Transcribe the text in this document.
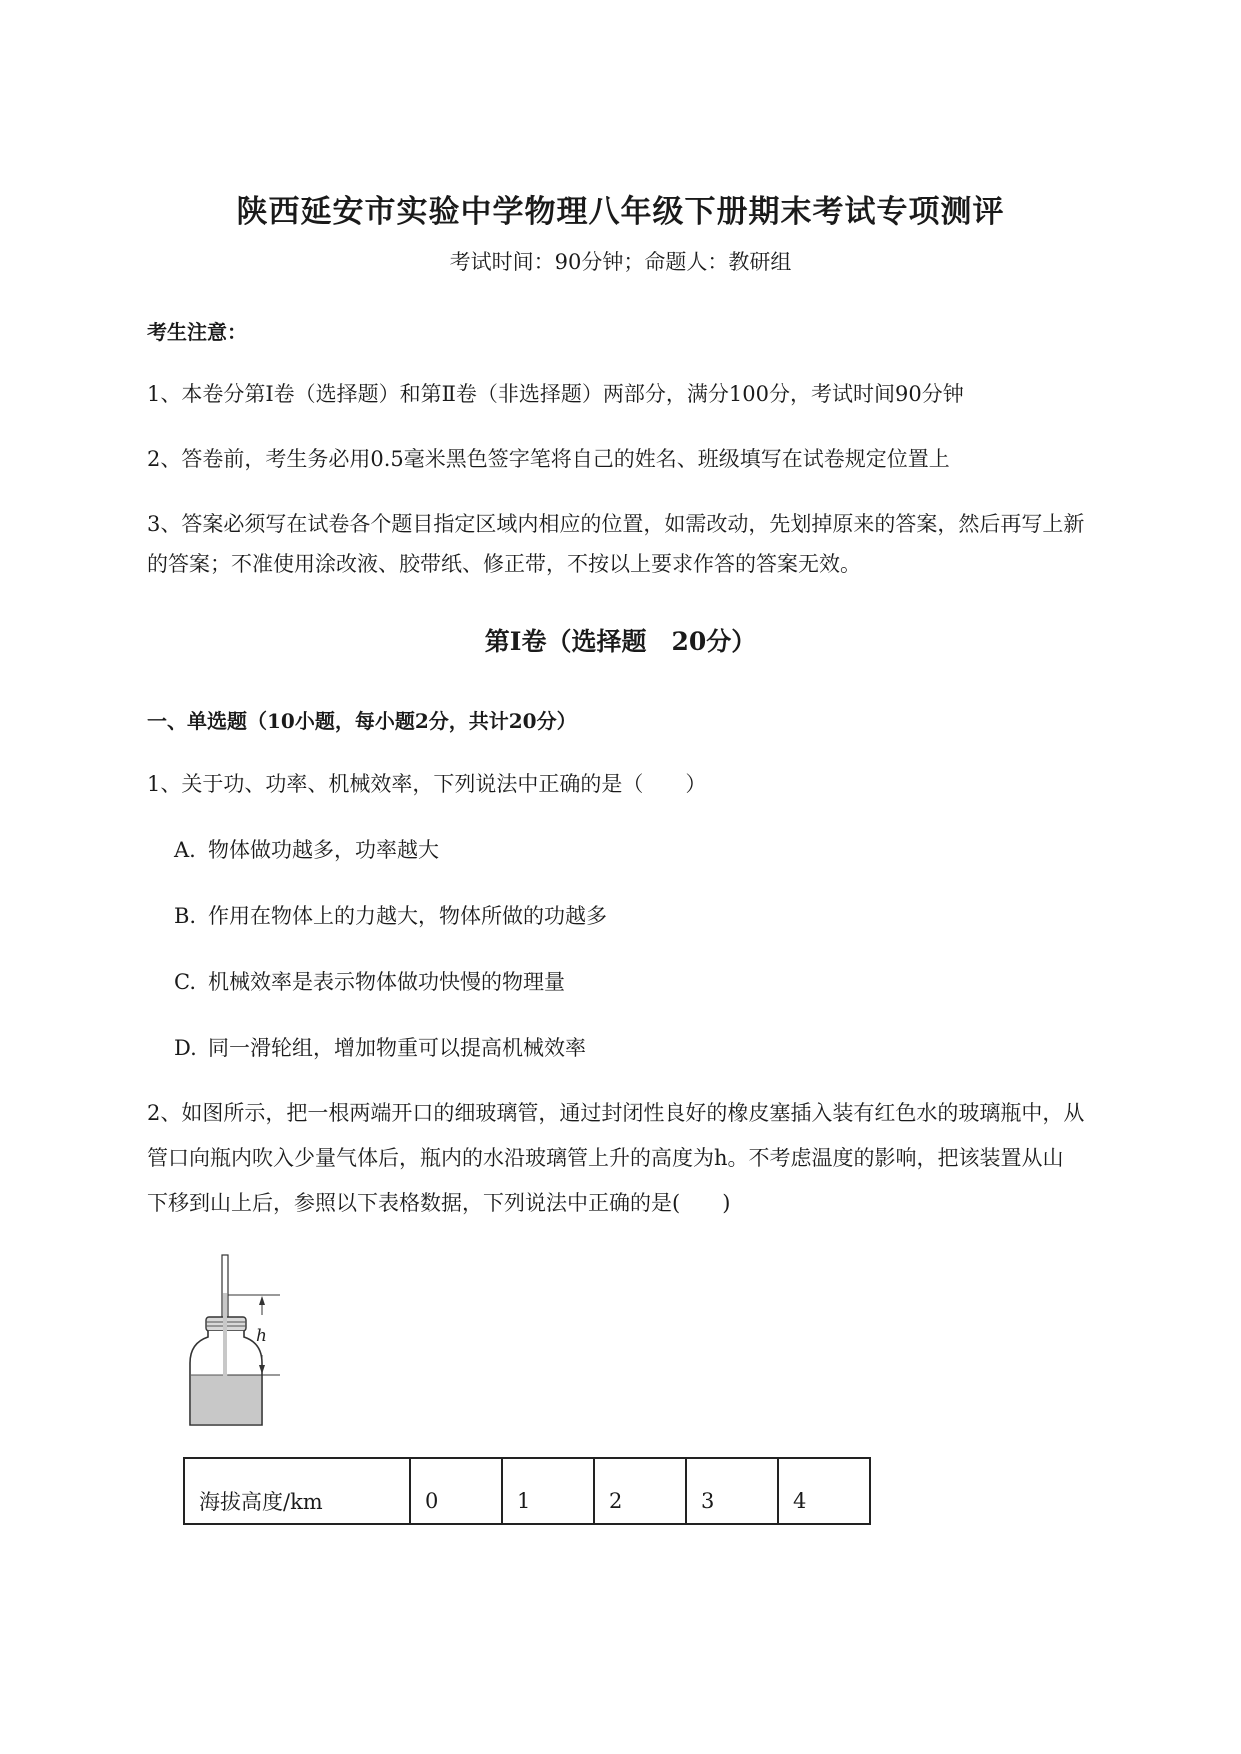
陕西延安市实验中学物理八年级下册期末考试专项测评
考试时间：90分钟；命题人：教研组
考生注意：
1、本卷分第Ⅰ卷（选择题）和第Ⅱ卷（非选择题）两部分，满分100分，考试时间90分钟
2、答卷前，考生务必用0.5毫米黑色签字笔将自己的姓名、班级填写在试卷规定位置上
3、答案必须写在试卷各个题目指定区域内相应的位置，如需改动，先划掉原来的答案，然后再写上新
的答案；不准使用涂改液、胶带纸、修正带，不按以上要求作答的答案无效。
第Ⅰ卷（选择题　20分）
一、单选题（10小题，每小题2分，共计20分）
1、关于功、功率、机械效率，下列说法中正确的是（　　）
A. 物体做功越多，功率越大
B. 作用在物体上的力越大，物体所做的功越多
C. 机械效率是表示物体做功快慢的物理量
D. 同一滑轮组，增加物重可以提高机械效率
2、如图所示，把一根两端开口的细玻璃管，通过封闭性良好的橡皮塞插入装有红色水的玻璃瓶中，从
管口向瓶内吹入少量气体后，瓶内的水沿玻璃管上升的高度为h。不考虑温度的影响，把该装置从山
下移到山上后，参照以下表格数据，下列说法中正确的是(　　)
h
海拔高度/km	0	1	2	3	4
